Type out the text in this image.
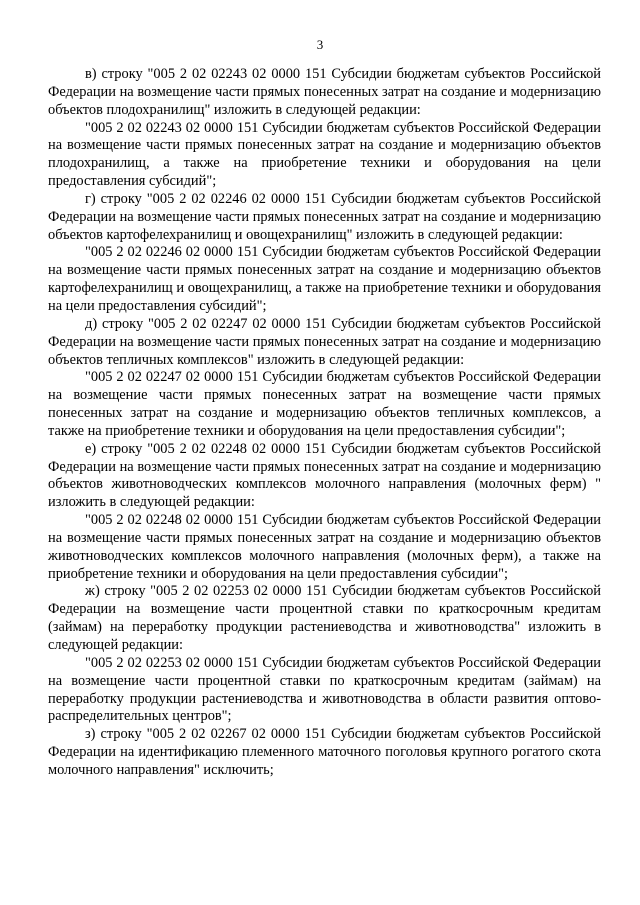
3

в) строку "005 2 02 02243 02 0000 151 Субсидии бюджетам субъектов Российской Федерации на возмещение части прямых понесенных затрат на создание и модернизацию объектов плодохранилищ" изложить в следующей редакции:

"005 2 02 02243 02 0000 151 Субсидии бюджетам субъектов Российской Федерации на возмещение части прямых понесенных затрат на создание и модернизацию объектов плодохранилищ, а также на приобретение техники и оборудования на цели предоставления субсидий";

г) строку "005 2 02 02246 02 0000 151 Субсидии бюджетам субъектов Российской Федерации на возмещение части прямых понесенных затрат на создание и модернизацию объектов картофелехранилищ и овощехранилищ" изложить в следующей редакции:

"005 2 02 02246 02 0000 151 Субсидии бюджетам субъектов Российской Федерации на возмещение части прямых понесенных затрат на создание и модернизацию объектов картофелехранилищ и овощехранилищ, а также на приобретение техники и оборудования на цели предоставления субсидий";

д) строку "005 2 02 02247 02 0000 151 Субсидии бюджетам субъектов Российской Федерации на возмещение части прямых понесенных затрат на создание и модернизацию объектов тепличных комплексов" изложить в следующей редакции:

"005 2 02 02247 02 0000 151 Субсидии бюджетам субъектов Российской Федерации на возмещение части прямых понесенных затрат на возмещение части прямых понесенных затрат на создание и модернизацию объектов тепличных комплексов, а также на приобретение техники и оборудования на цели предоставления субсидии";

е) строку "005 2 02 02248 02 0000 151 Субсидии бюджетам субъектов Российской Федерации на возмещение части прямых понесенных затрат на создание и модернизацию объектов животноводческих комплексов молочного направления (молочных ферм) " изложить в следующей редакции:

"005 2 02 02248 02 0000 151 Субсидии бюджетам субъектов Российской Федерации на возмещение части прямых понесенных затрат на создание и модернизацию объектов животноводческих комплексов молочного направления (молочных ферм), а также на приобретение техники и оборудования на цели предоставления субсидии";

ж) строку "005 2 02 02253 02 0000 151 Субсидии бюджетам субъектов Российской Федерации на возмещение части процентной ставки по краткосрочным кредитам (займам) на переработку продукции растениеводства и животноводства" изложить в следующей редакции:

"005 2 02 02253 02 0000 151 Субсидии бюджетам субъектов Российской Федерации на возмещение части процентной ставки по краткосрочным кредитам (займам) на переработку продукции растениеводства и животноводства в области развития оптово-распределительных центров";

з) строку "005 2 02 02267 02 0000 151 Субсидии бюджетам субъектов Российской Федерации на идентификацию племенного маточного поголовья крупного рогатого скота молочного направления" исключить;
